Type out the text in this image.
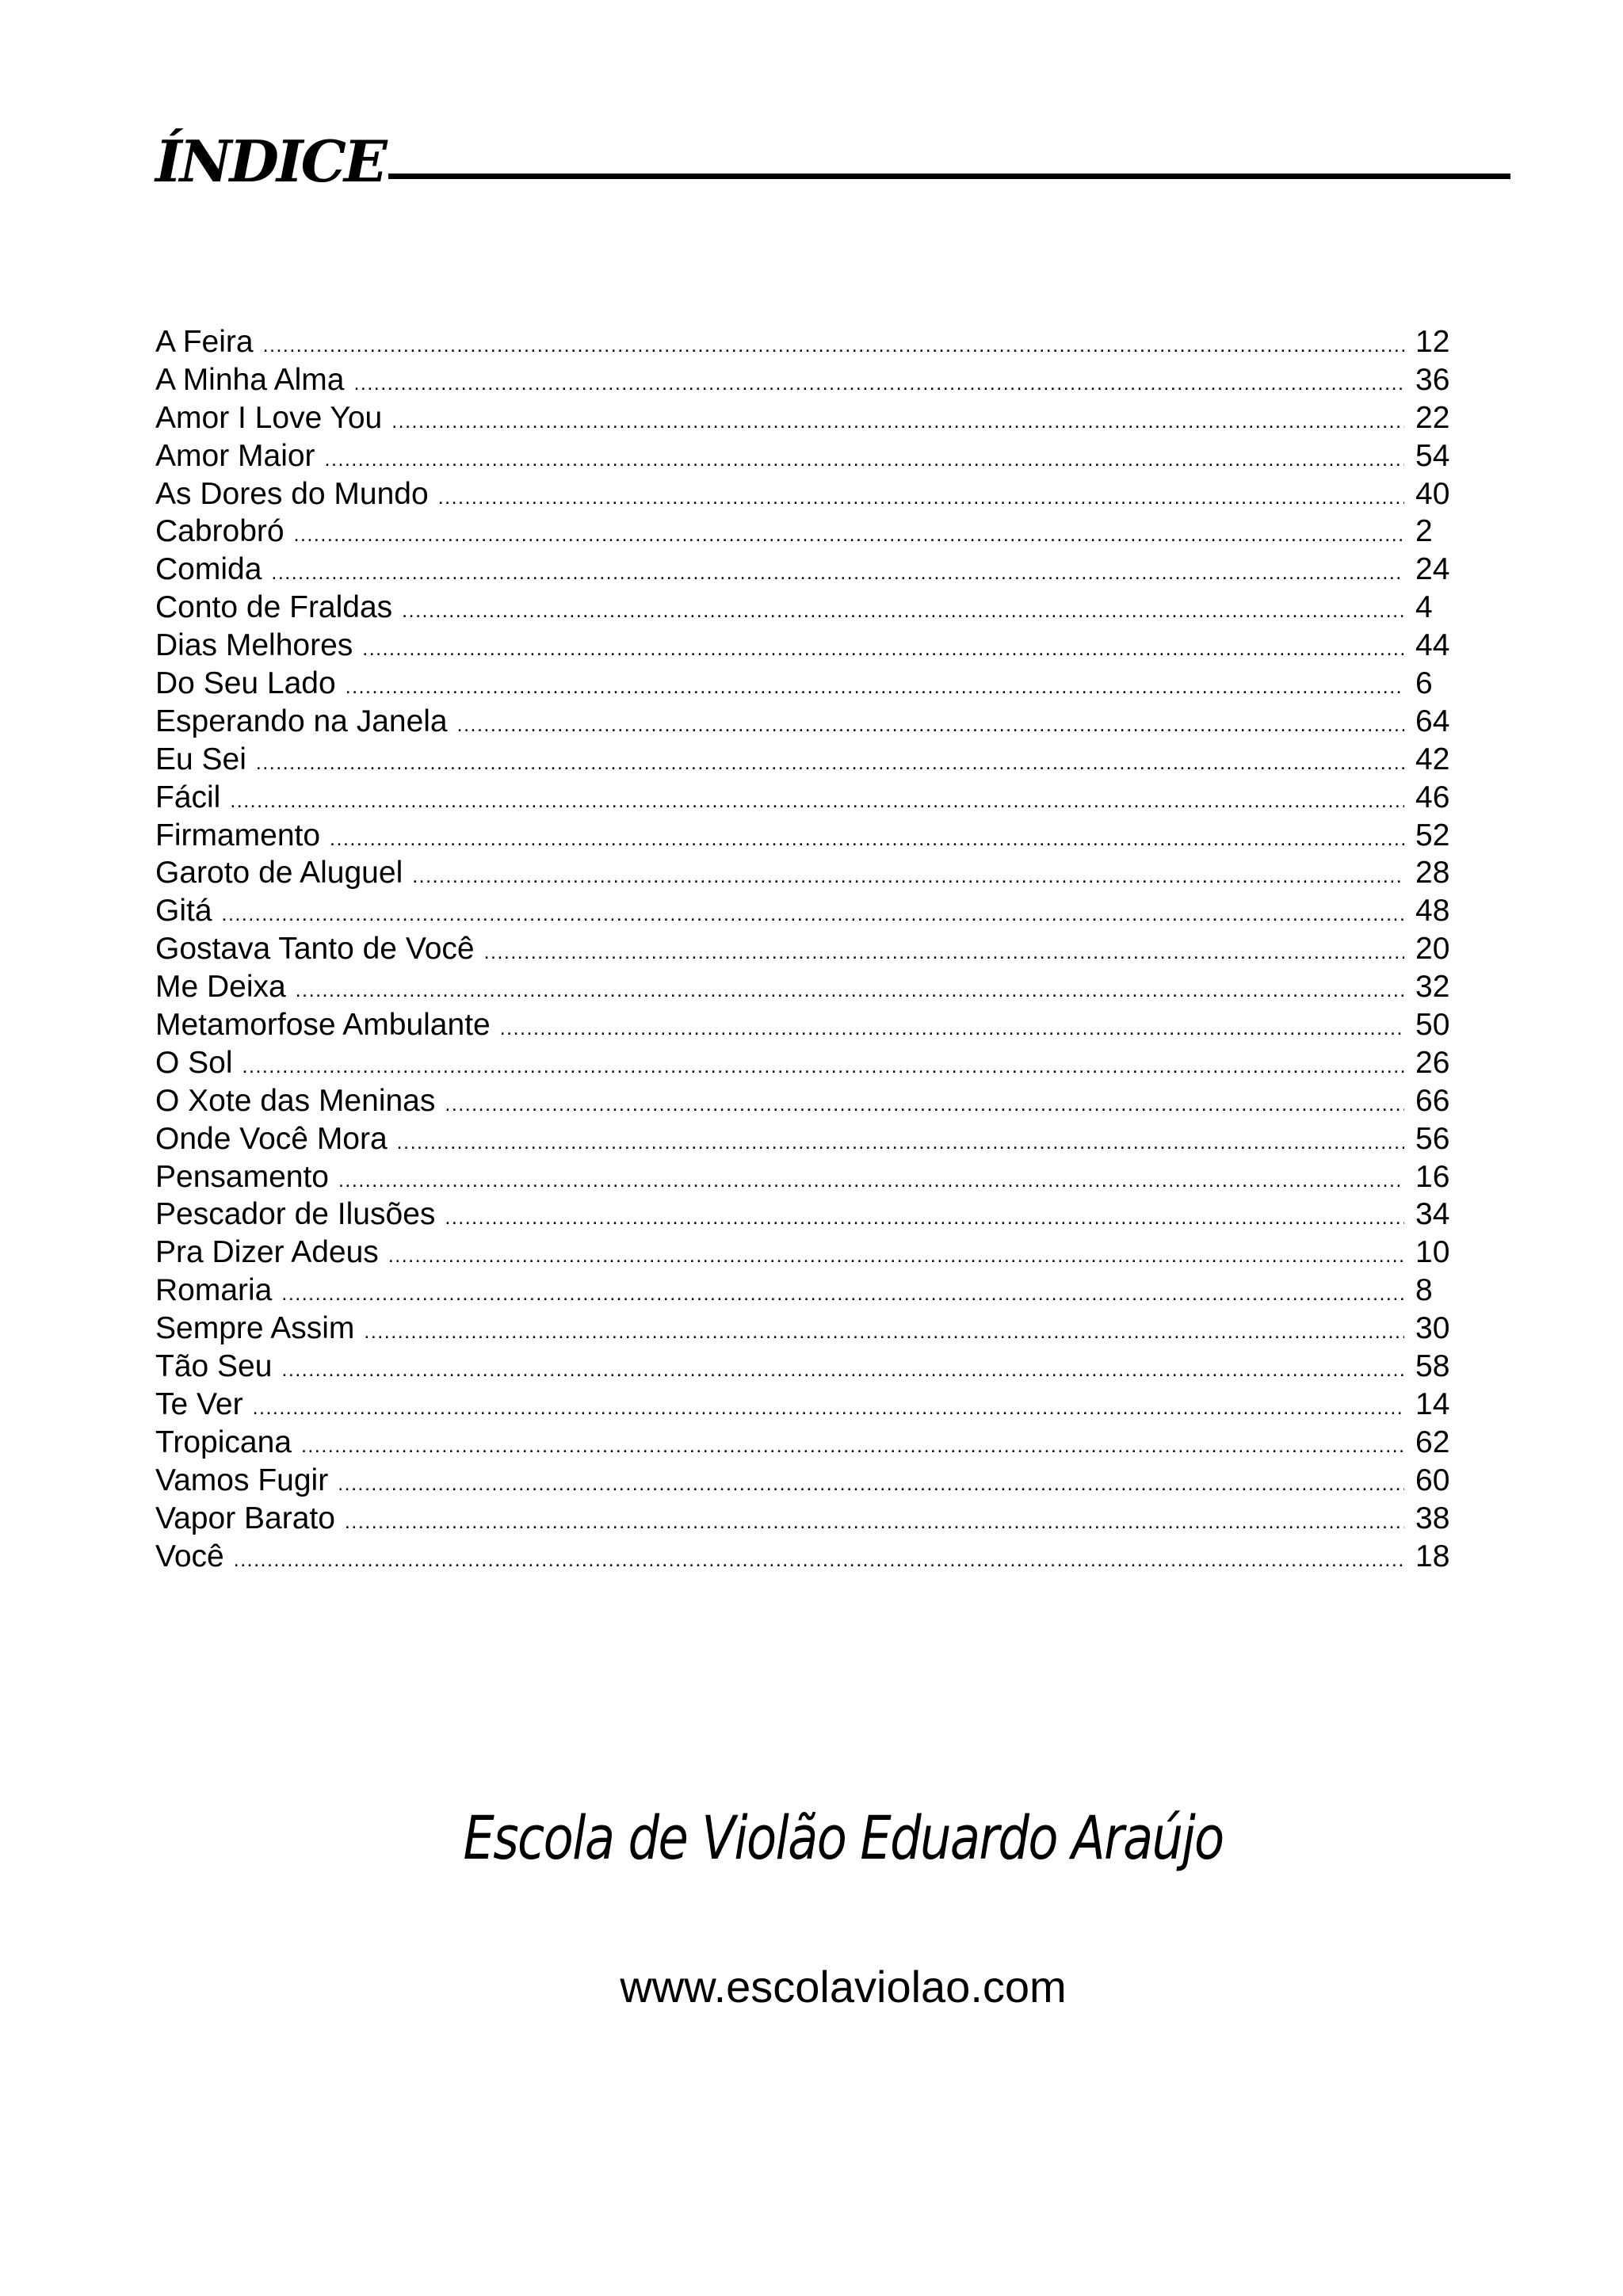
ÍNDICE
A Feira .....	12
A Minha Alma .....	36
Amor I Love You .....	22
Amor Maior .....	54
As Dores do Mundo .....	40
Cabrobró .....	2
Comida .....	24
Conto de Fraldas .....	4
Dias Melhores .....	44
Do Seu Lado .....	6
Esperando na Janela .....	64
Eu Sei .....	42
Fácil .....	46
Firmamento .....	52
Garoto de Aluguel .....	28
Gitá .....	48
Gostava Tanto de Você .....	20
Me Deixa .....	32
Metamorfose Ambulante .....	50
O Sol .....	26
O Xote das Meninas .....	66
Onde Você Mora .....	56
Pensamento .....	16
Pescador de Ilusões .....	34
Pra Dizer Adeus .....	10
Romaria .....	8
Sempre Assim .....	30
Tão Seu .....	58
Te Ver .....	14
Tropicana .....	62
Vamos Fugir .....	60
Vapor Barato .....	38
Você .....	18
Escola de Violão Eduardo Araújo
www.escolaviolao.com
